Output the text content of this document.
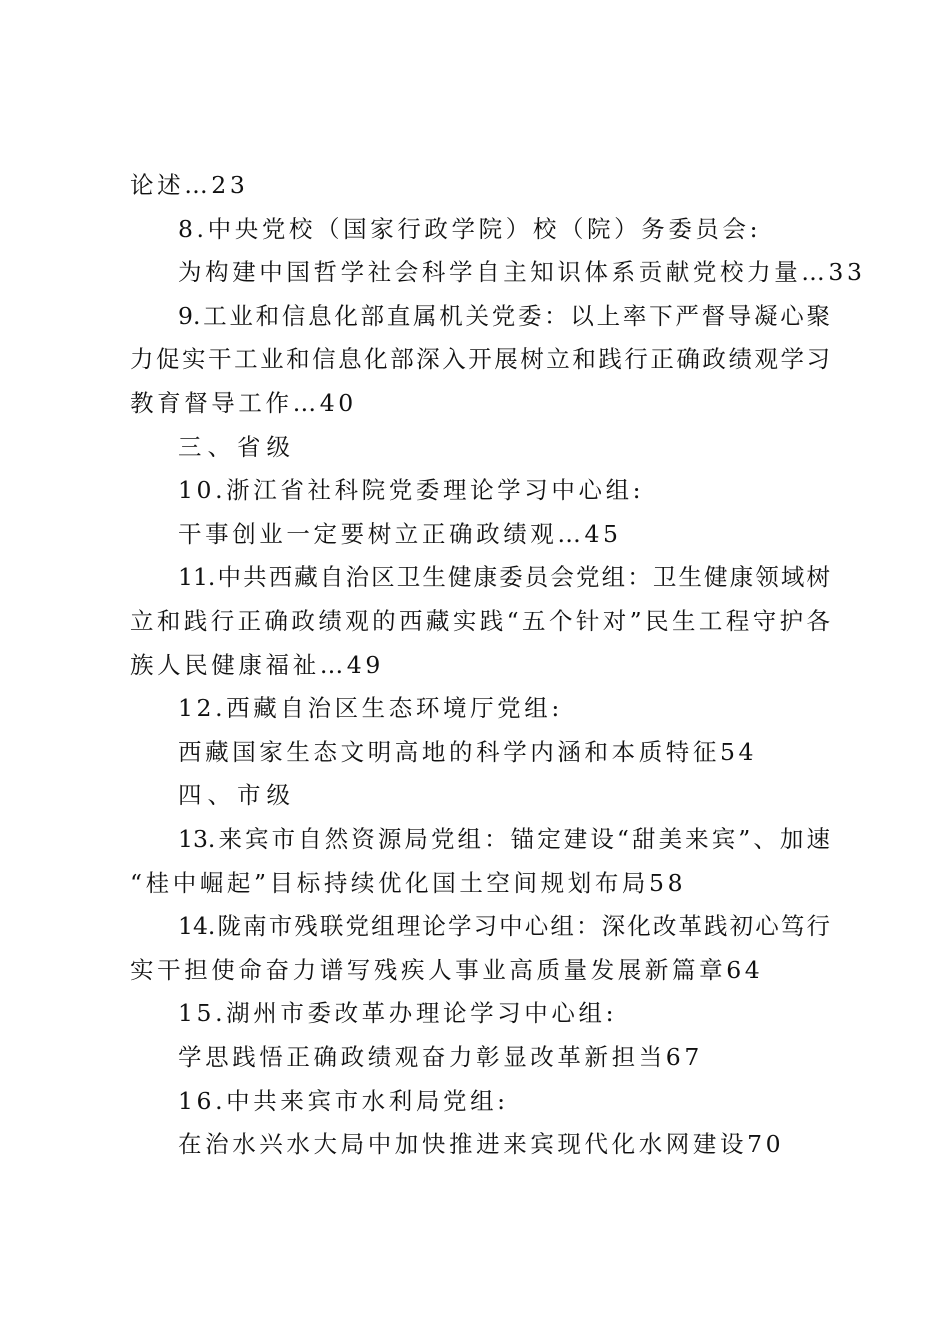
论述…23
8.中央党校（国家行政学院）校（院）务委员会:
为构建中国哲学社会科学自主知识体系贡献党校力量…33
9.工业和信息化部直属机关党委：以上率下严督导凝心聚
力促实干工业和信息化部深入开展树立和践行正确政绩观学习
教育督导工作…40
三、省级
10.浙江省社科院党委理论学习中心组:
干事创业一定要树立正确政绩观…45
11.中共西藏自治区卫生健康委员会党组：卫生健康领域树
立和践行正确政绩观的西藏实践“五个针对”民生工程守护各
族人民健康福祉…49
12.西藏自治区生态环境厅党组:
西藏国家生态文明高地的科学内涵和本质特征54
四、市级
13.来宾市自然资源局党组：锚定建设“甜美来宾”、加速
“桂中崛起”目标持续优化国土空间规划布局58
14.陇南市残联党组理论学习中心组：深化改革践初心笃行
实干担使命奋力谱写残疾人事业高质量发展新篇章64
15.湖州市委改革办理论学习中心组:
学思践悟正确政绩观奋力彰显改革新担当67
16.中共来宾市水利局党组:
在治水兴水大局中加快推进来宾现代化水网建设70
